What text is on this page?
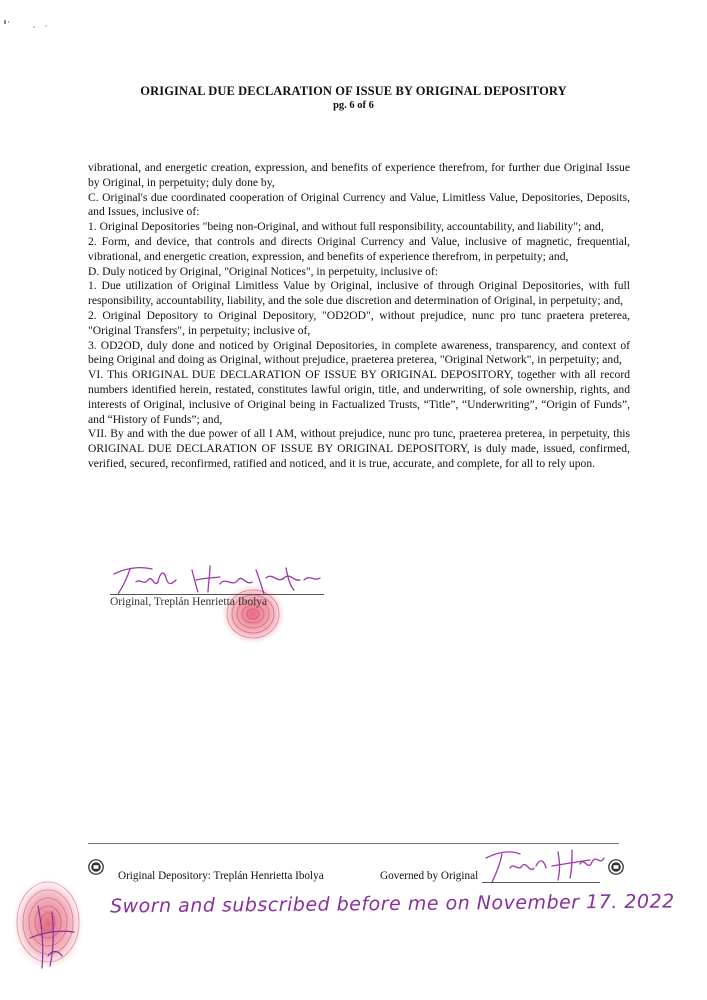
ORIGINAL DUE DECLARATION OF ISSUE BY ORIGINAL DEPOSITORY
pg. 6 of 6

vibrational, and energetic creation, expression, and benefits of experience therefrom, for further due Original Issue by Original, in perpetuity; duly done by,

C. Original's due coordinated cooperation of Original Currency and Value, Limitless Value, Depositories, Deposits, and Issues, inclusive of:

1. Original Depositories "being non-Original, and without full responsibility, accountability, and liability"; and,

2. Form, and device, that controls and directs Original Currency and Value, inclusive of magnetic, frequential, vibrational, and energetic creation, expression, and benefits of experience therefrom, in perpetuity; and,

D. Duly noticed by Original, "Original Notices", in perpetuity, inclusive of:

1. Due utilization of Original Limitless Value by Original, inclusive of through Original Depositories, with full responsibility, accountability, liability, and the sole due discretion and determination of Original, in perpetuity; and,

2. Original Depository to Original Depository, "OD2OD", without prejudice, nunc pro tunc praetera preterea, "Original Transfers", in perpetuity; inclusive of,

3. OD2OD, duly done and noticed by Original Depositories, in complete awareness, transparency, and context of being Original and doing as Original, without prejudice, praeterea preterea, "Original Network", in perpetuity; and,

VI. This ORIGINAL DUE DECLARATION OF ISSUE BY ORIGINAL DEPOSITORY, together with all record numbers identified herein, restated, constitutes lawful origin, title, and underwriting, of sole ownership, rights, and interests of Original, inclusive of Original being in Factualized Trusts, “Title”, “Underwriting”, “Origin of Funds”, and “History of Funds”; and,

VII. By and with the due power of all I AM, without prejudice, nunc pro tunc, praeterea preterea, in perpetuity, this ORIGINAL DUE DECLARATION OF ISSUE BY ORIGINAL DEPOSITORY, is duly made, issued, confirmed, verified, secured, reconfirmed, ratified and noticed, and it is true, accurate, and complete, for all to rely upon.

Original, Treplán Henrietta Ibolya
Original Depository: Treplán Henrietta Ibolya	Governed by Original
Sworn and subscribed before me on November 17. 2022
